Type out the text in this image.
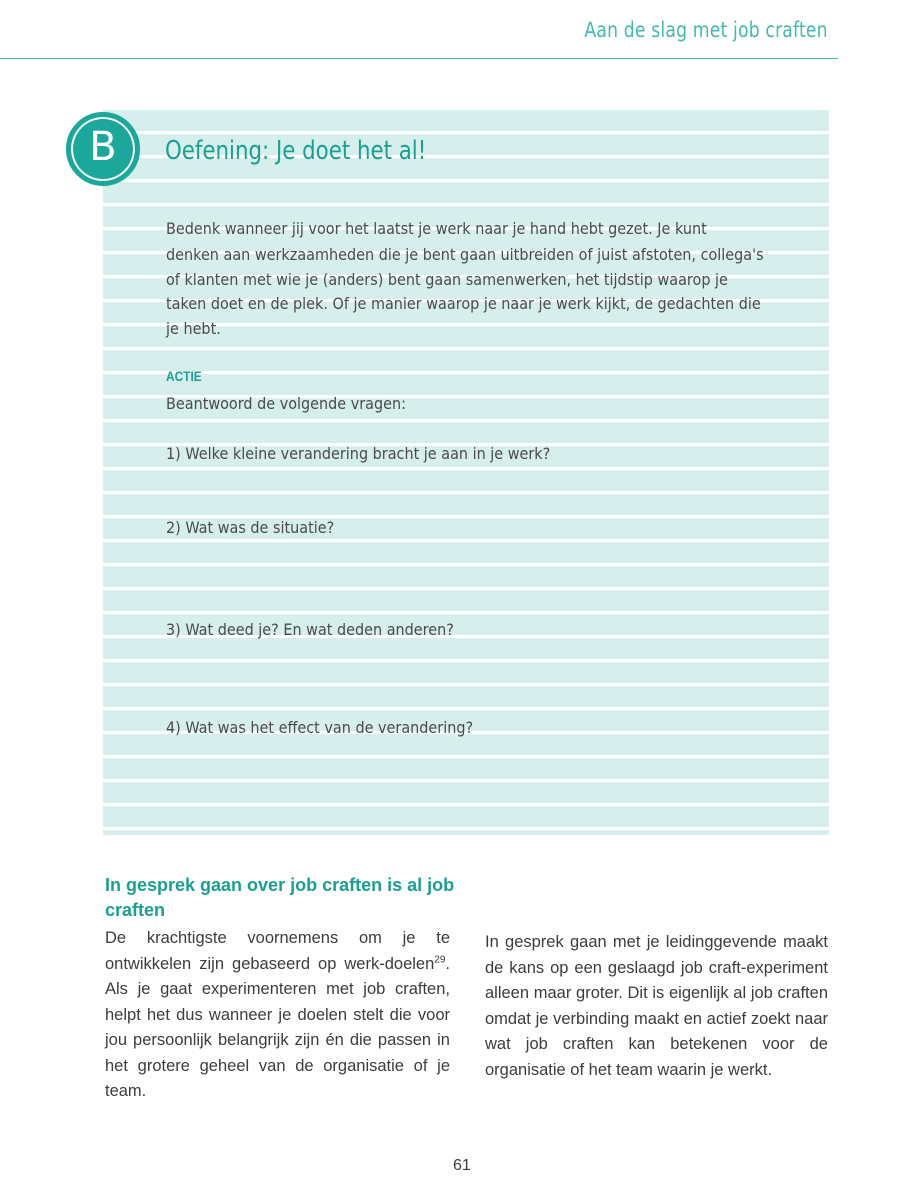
Aan de slag met job craften
B	Oefening: Je doet het al!
Bedenk wanneer jij voor het laatst je werk naar je hand hebt gezet. Je kunt
denken aan werkzaamheden die je bent gaan uitbreiden of juist afstoten, collega's
of klanten met wie je (anders) bent gaan samenwerken, het tijdstip waarop je
taken doet en de plek. Of je manier waarop je naar je werk kijkt, de gedachten die
je hebt.
ACTIE
Beantwoord de volgende vragen:
1) Welke kleine verandering bracht je aan in je werk?
2) Wat was de situatie?
3) Wat deed je? En wat deden anderen?
4) Wat was het effect van de verandering?
In gesprek gaan over job craften is al job craften
De krachtigste voornemens om je te ontwikkelen zijn gebaseerd op werk-doelen$^{29}$. Als je gaat experimenteren met job craften, helpt het dus wanneer je doelen stelt die voor jou persoonlijk belangrijk zijn én die passen in het grotere geheel van de organisatie of je team.
In gesprek gaan met je leidinggevende maakt de kans op een geslaagd job craft-experiment alleen maar groter. Dit is eigenlijk al job craften omdat je verbinding maakt en actief zoekt naar wat job craften kan betekenen voor de organisatie of het team waarin je werkt.
61
